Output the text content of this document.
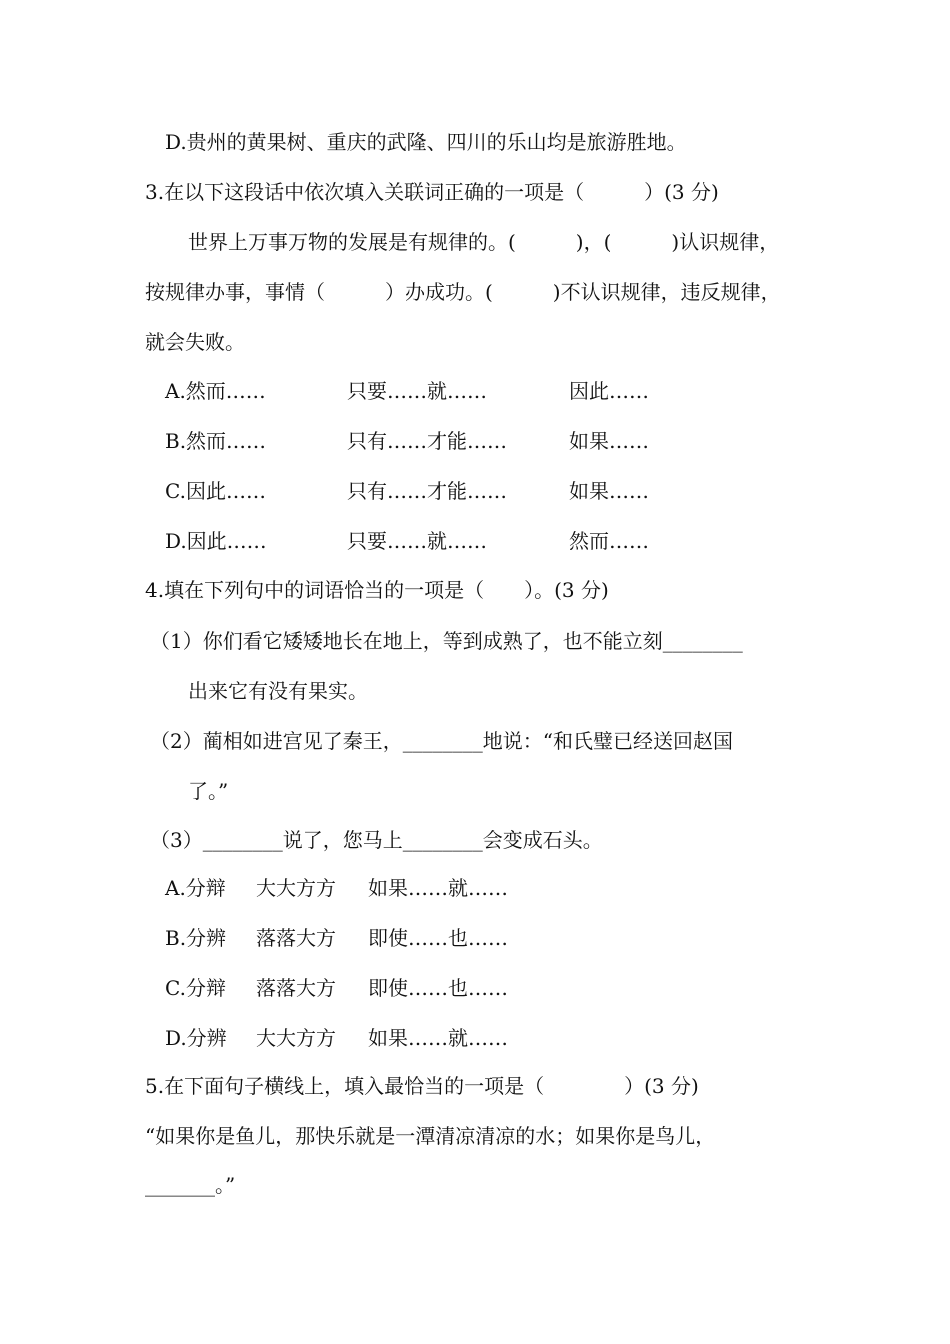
D.贵州的黄果树、重庆的武隆、四川的乐山均是旅游胜地。
3.在以下这段话中依次填入关联词正确的一项是（　　　）(3 分)
世界上万事万物的发展是有规律的。(　　　)，(　　　)认识规律，
按规律办事，事情（　　　）办成功。(　　　)不认识规律，违反规律，
就会失败。
A.然而……	只要……就……	因此……
B.然而……	只有……才能……	如果……
C.因此……	只有……才能……	如果……
D.因此……	只要……就……	然而……
4.填在下列句中的词语恰当的一项是（　　）。(3 分)
（1）你们看它矮矮地长在地上，等到成熟了，也不能立刻________
出来它有没有果实。
（2）蔺相如进宫见了秦王，________地说：“和氏璧已经送回赵国
了。”
（3）________说了，您马上________会变成石头。
A.分辩 大大方方 如果……就……
B.分辨 落落大方 即使……也……
C.分辩 落落大方 即使……也……
D.分辨 大大方方 如果……就……
5.在下面句子横线上，填入最恰当的一项是（　　　　）(3 分)
“如果你是鱼儿，那快乐就是一潭清凉清凉的水；如果你是鸟儿，
_______。”
